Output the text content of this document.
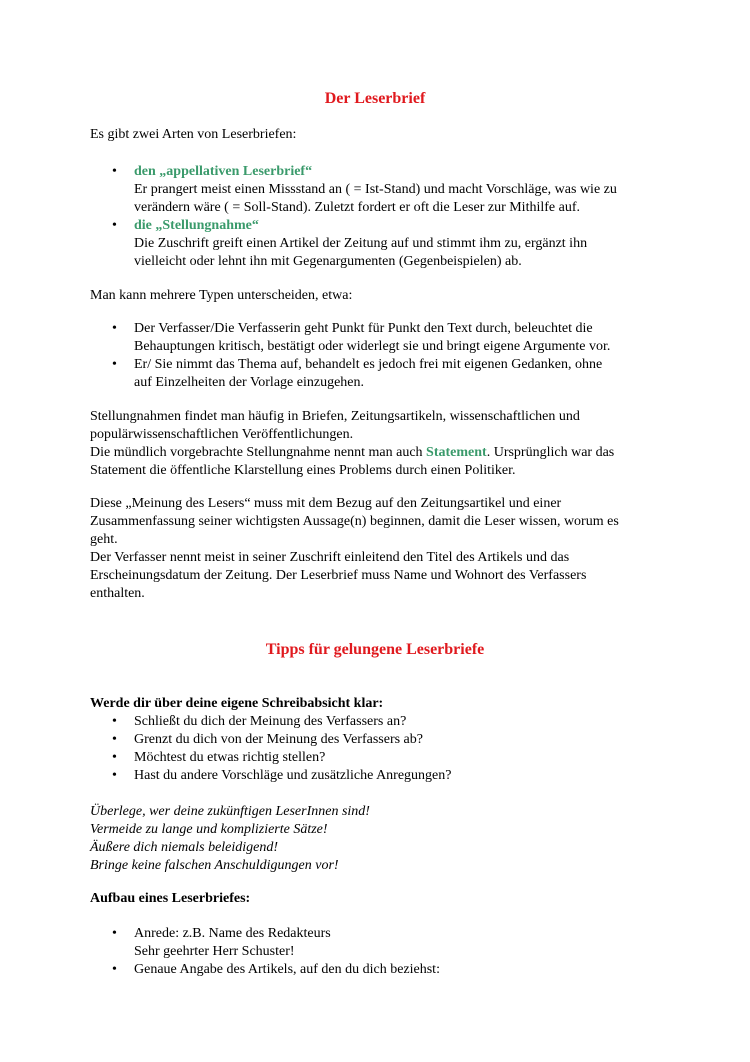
Der Leserbrief

Es gibt zwei Arten von Leserbriefen:

• den „appellativen Leserbrief“
Er prangert meist einen Missstand an ( = Ist-Stand) und macht Vorschläge, was wie zu
verändern wäre ( = Soll-Stand). Zuletzt fordert er oft die Leser zur Mithilfe auf.
• die „Stellungnahme“
Die Zuschrift greift einen Artikel der Zeitung auf und stimmt ihm zu, ergänzt ihn
vielleicht oder lehnt ihn mit Gegenargumenten (Gegenbeispielen) ab.

Man kann mehrere Typen unterscheiden, etwa:

• Der Verfasser/Die Verfasserin geht Punkt für Punkt den Text durch, beleuchtet die
Behauptungen kritisch, bestätigt oder widerlegt sie und bringt eigene Argumente vor.
• Er/ Sie nimmt das Thema auf, behandelt es jedoch frei mit eigenen Gedanken, ohne
auf Einzelheiten der Vorlage einzugehen.
Stellungnahmen findet man häufig in Briefen, Zeitungsartikeln, wissenschaftlichen und
populärwissenschaftlichen Veröffentlichungen.
Die mündlich vorgebrachte Stellungnahme nennt man auch Statement. Ursprünglich war das
Statement die öffentliche Klarstellung eines Problems durch einen Politiker.
Diese „Meinung des Lesers“ muss mit dem Bezug auf den Zeitungsartikel und einer
Zusammenfassung seiner wichtigsten Aussage(n) beginnen, damit die Leser wissen, worum es
geht.
Der Verfasser nennt meist in seiner Zuschrift einleitend den Titel des Artikels und das
Erscheinungsdatum der Zeitung. Der Leserbrief muss Name und Wohnort des Verfassers
enthalten.
Tipps für gelungene Leserbriefe
Werde dir über deine eigene Schreibabsicht klar:
• Schließt du dich der Meinung des Verfassers an?
• Grenzt du dich von der Meinung des Verfassers ab?
• Möchtest du etwas richtig stellen?
• Hast du andere Vorschläge und zusätzliche Anregungen?
Überlege, wer deine zukünftigen LeserInnen sind!
Vermeide zu lange und komplizierte Sätze!
Äußere dich niemals beleidigend!
Bringe keine falschen Anschuldigungen vor!
Aufbau eines Leserbriefes:
• Anrede: z.B. Name des Redakteurs
Sehr geehrter Herr Schuster!
• Genaue Angabe des Artikels, auf den du dich beziehst:
